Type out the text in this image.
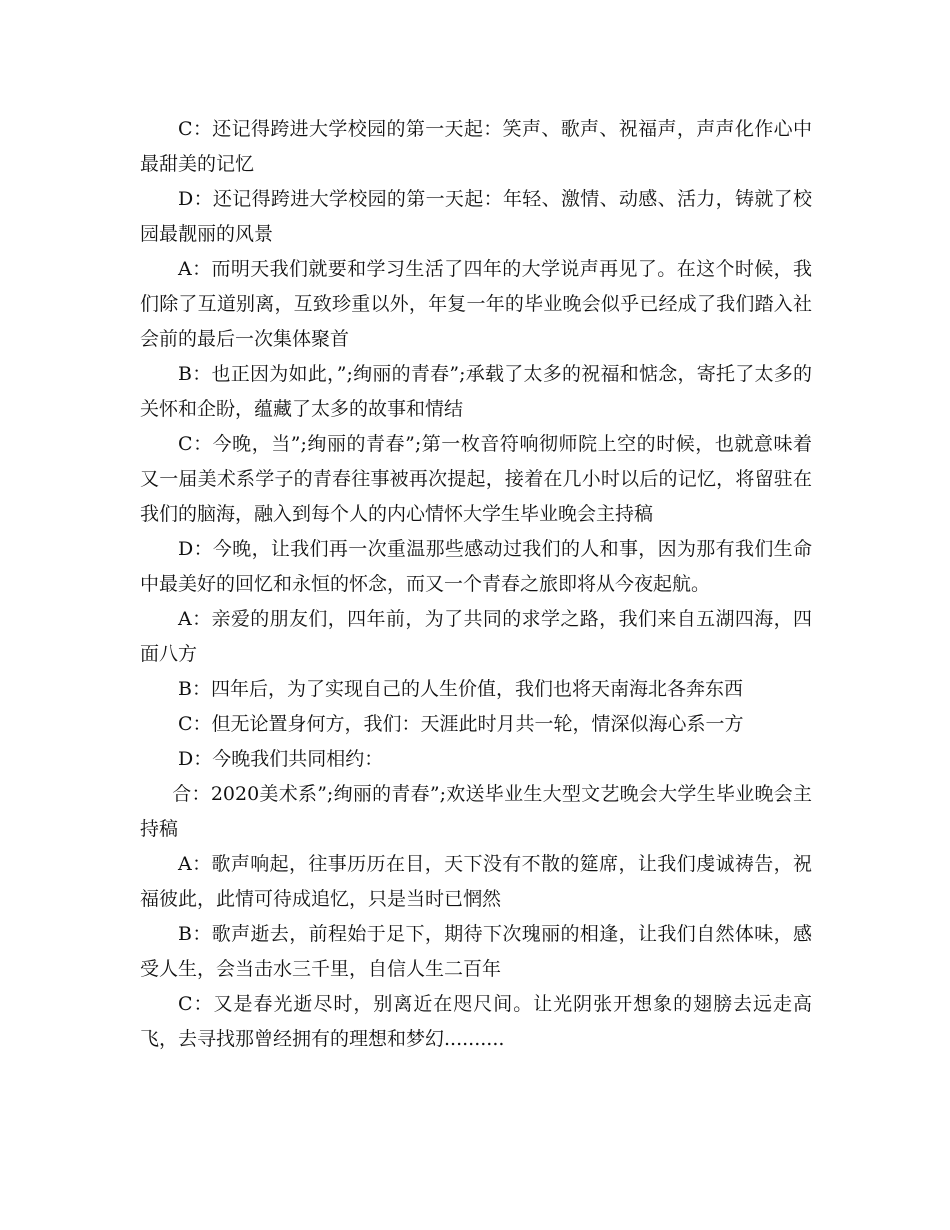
C：还记得跨进大学校园的第一天起：笑声、歌声、祝福声，声声化作心中最甜美的记忆

D：还记得跨进大学校园的第一天起：年轻、激情、动感、活力，铸就了校园最靓丽的风景

A：而明天我们就要和学习生活了四年的大学说声再见了。在这个时候，我们除了互道别离，互致珍重以外，年复一年的毕业晚会似乎已经成了我们踏入社会前的最后一次集体聚首

B：也正因为如此，”;绚丽的青春”;承载了太多的祝福和惦念，寄托了太多的关怀和企盼，蕴藏了太多的故事和情结

C：今晚，当”;绚丽的青春”;第一枚音符响彻师院上空的时候，也就意味着又一届美术系学子的青春往事被再次提起，接着在几小时以后的记忆，将留驻在我们的脑海，融入到每个人的内心情怀大学生毕业晚会主持稿

D：今晚，让我们再一次重温那些感动过我们的人和事，因为那有我们生命中最美好的回忆和永恒的怀念，而又一个青春之旅即将从今夜起航。

A：亲爱的朋友们，四年前，为了共同的求学之路，我们来自五湖四海，四面八方

B：四年后，为了实现自己的人生价值，我们也将天南海北各奔东西

C：但无论置身何方，我们：天涯此时月共一轮，情深似海心系一方

D：今晚我们共同相约：

合：2020美术系”;绚丽的青春”;欢送毕业生大型文艺晚会大学生毕业晚会主持稿

A：歌声响起，往事历历在目，天下没有不散的筵席，让我们虔诚祷告，祝福彼此，此情可待成追忆，只是当时已惘然

B：歌声逝去，前程始于足下，期待下次瑰丽的相逢，让我们自然体味，感受人生，会当击水三千里，自信人生二百年

C：又是春光逝尽时，别离近在咫尺间。让光阴张开想象的翅膀去远走高飞，去寻找那曾经拥有的理想和梦幻..........
